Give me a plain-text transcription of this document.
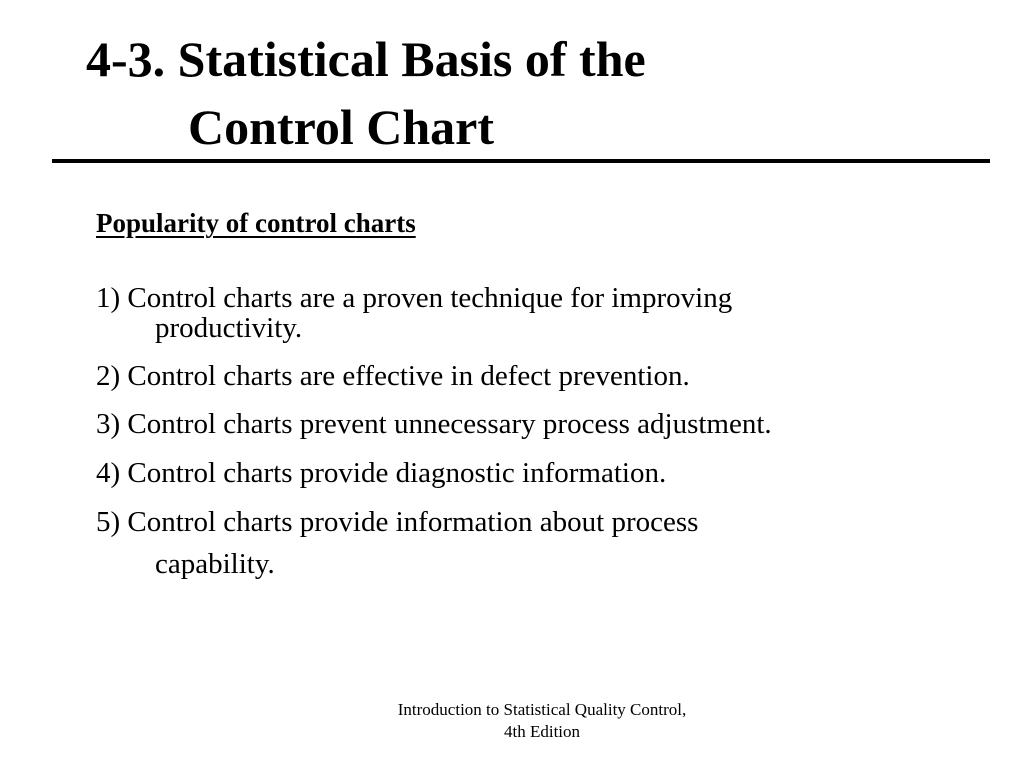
4-3. Statistical Basis of the
Control Chart
Popularity of control charts
1) Control charts are a proven technique for improving
productivity.
2) Control charts are effective in defect prevention.
3) Control charts prevent unnecessary process adjustment.
4) Control charts provide diagnostic information.
5) Control charts provide information about process
capability.
Introduction to Statistical Quality Control,
4th Edition
